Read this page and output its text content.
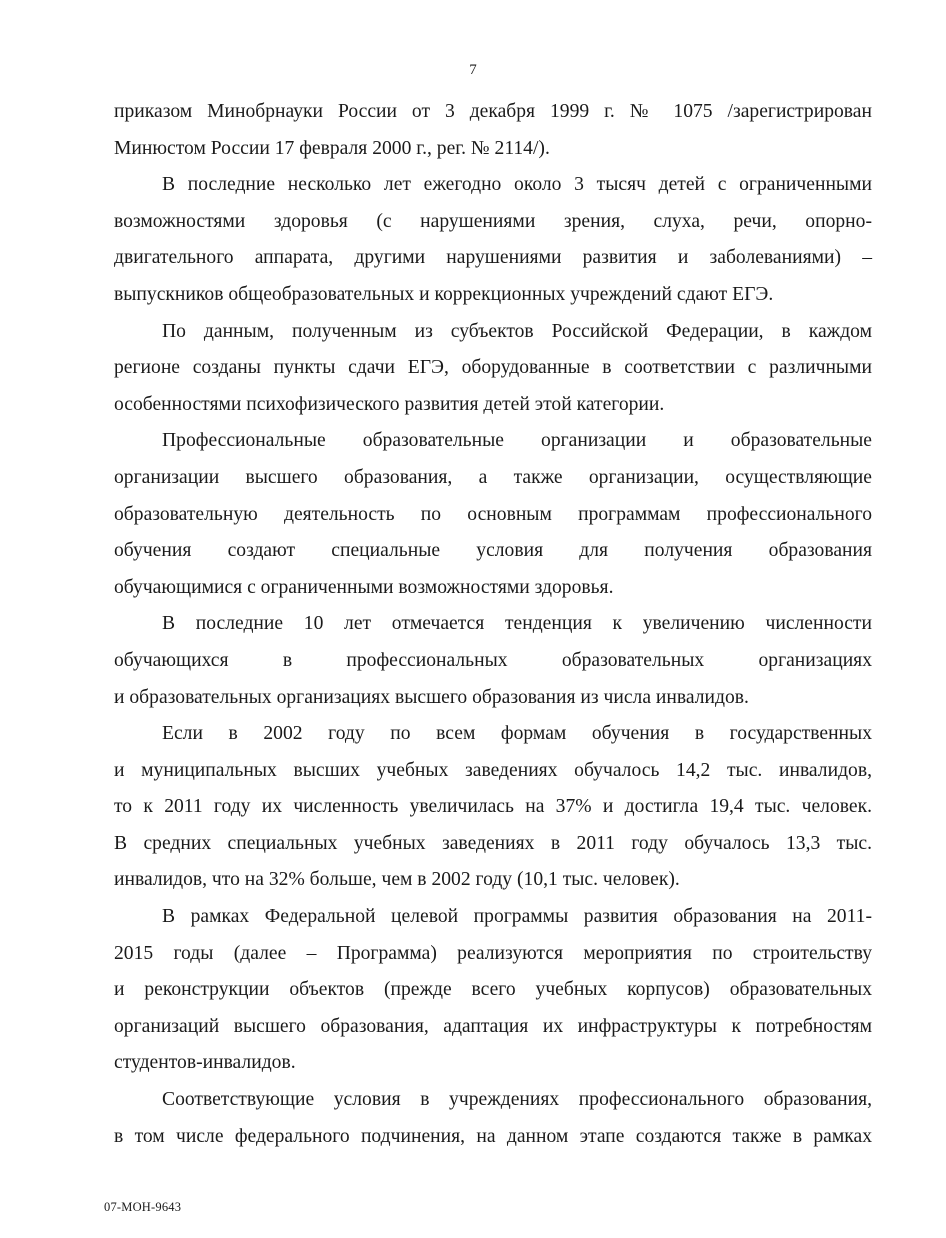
7
приказом Минобрнауки России от 3 декабря 1999 г. № 1075 /зарегистрирован
Минюстом России 17 февраля 2000 г., рег. № 2114/).
В последние несколько лет ежегодно около 3 тысяч детей с ограниченными
возможностями здоровья (с нарушениями зрения, слуха, речи, опорно-
двигательного аппарата, другими нарушениями развития и заболеваниями) –
выпускников общеобразовательных и коррекционных учреждений сдают ЕГЭ.
По данным, полученным из субъектов Российской Федерации, в каждом
регионе созданы пункты сдачи ЕГЭ, оборудованные в соответствии с различными
особенностями психофизического развития детей этой категории.
Профессиональные образовательные организации и образовательные
организации высшего образования, а также организации, осуществляющие
образовательную деятельность по основным программам профессионального
обучения создают специальные условия для получения образования
обучающимися с ограниченными возможностями здоровья.
В последние 10 лет отмечается тенденция к увеличению численности
обучающихся в профессиональных образовательных организациях
и образовательных организациях высшего образования из числа инвалидов.
Если в 2002 году по всем формам обучения в государственных
и муниципальных высших учебных заведениях обучалось 14,2 тыс. инвалидов,
то к 2011 году их численность увеличилась на 37% и достигла 19,4 тыс. человек.
В средних специальных учебных заведениях в 2011 году обучалось 13,3 тыс.
инвалидов, что на 32% больше, чем в 2002 году (10,1 тыс. человек).
В рамках Федеральной целевой программы развития образования на 2011-
2015 годы (далее – Программа) реализуются мероприятия по строительству
и реконструкции объектов (прежде всего учебных корпусов) образовательных
организаций высшего образования, адаптация их инфраструктуры к потребностям
студентов-инвалидов.
Соответствующие условия в учреждениях профессионального образования,
в том числе федерального подчинения, на данном этапе создаются также в рамках
07-МОН-9643
